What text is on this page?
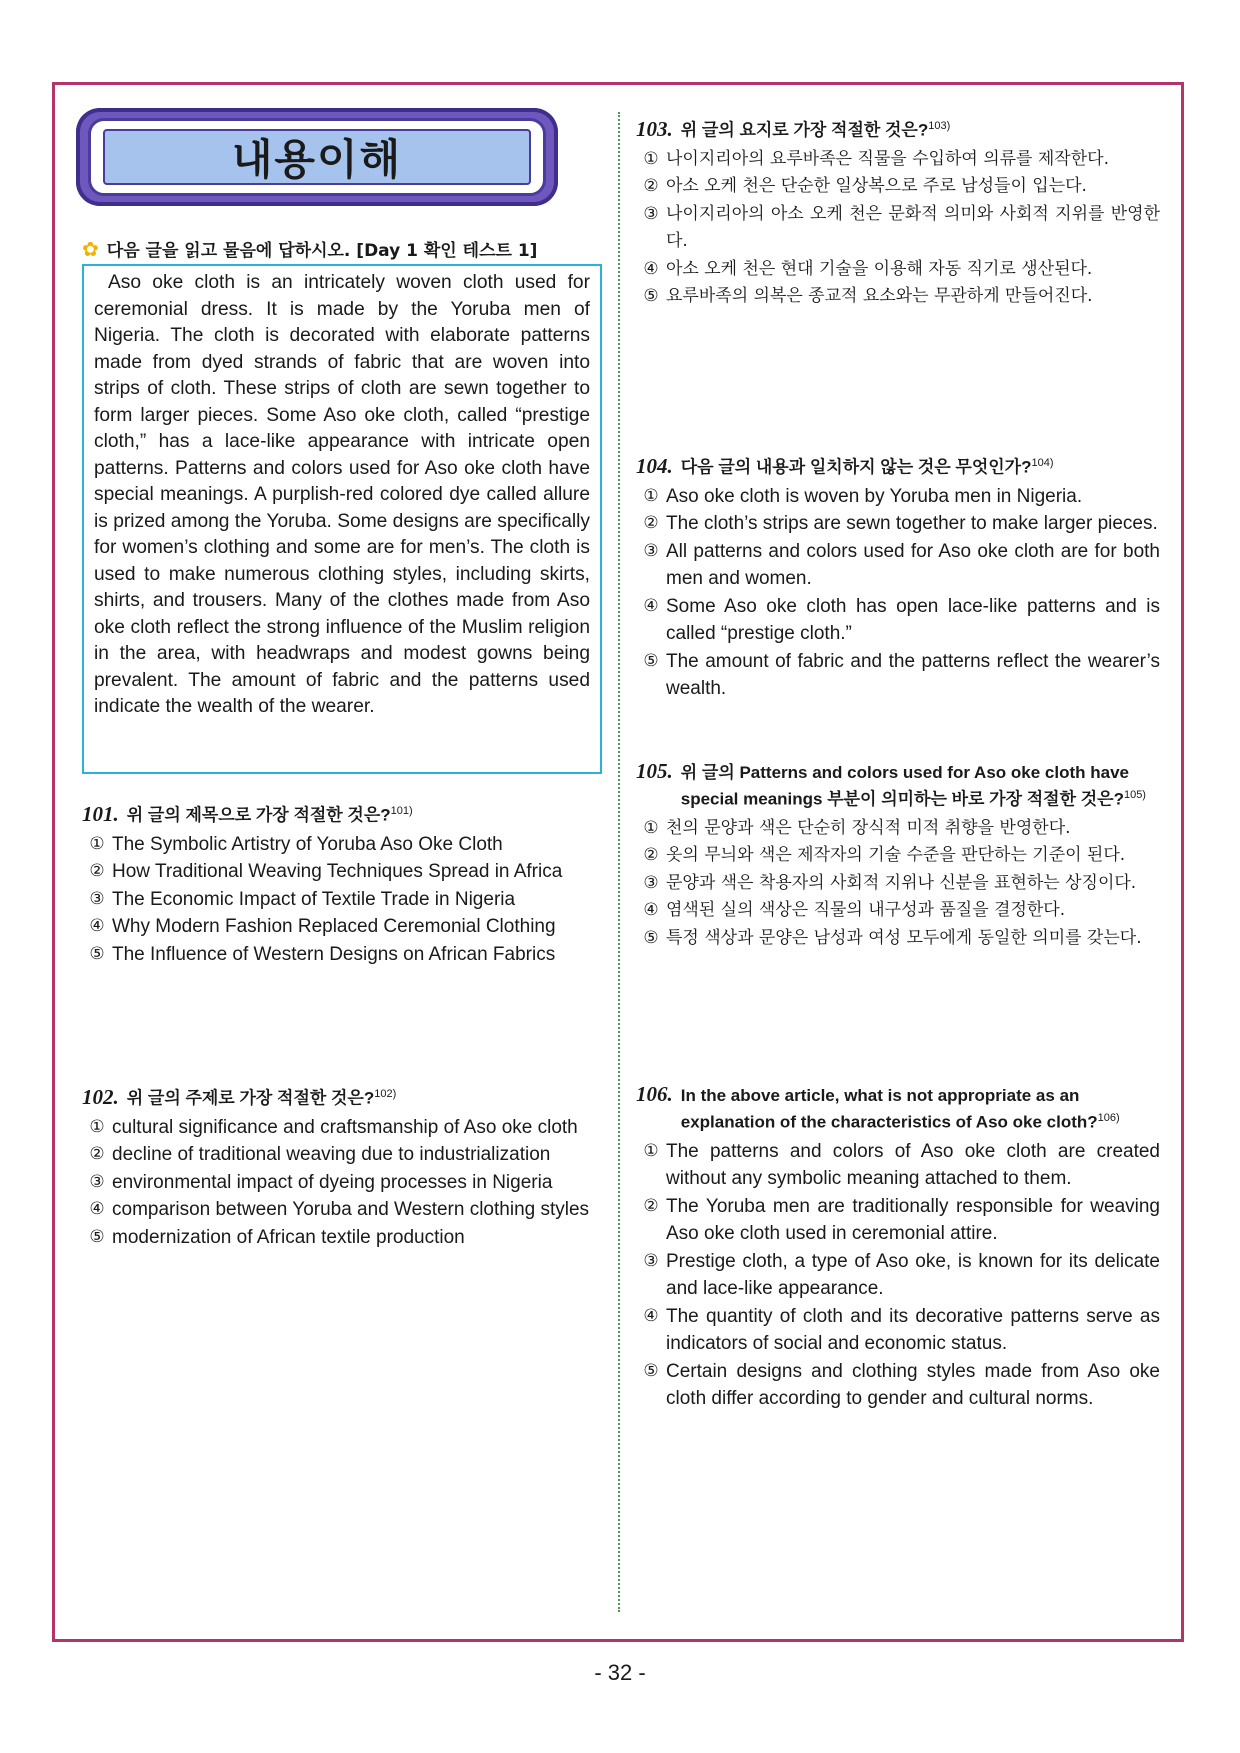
내용이해
✿ 다음 글을 읽고 물음에 답하시오. [Day 1 확인 테스트 1]
Aso oke cloth is an intricately woven cloth used for ceremonial dress. It is made by the Yoruba men of Nigeria. The cloth is decorated with elaborate patterns made from dyed strands of fabric that are woven into strips of cloth. These strips of cloth are sewn together to form larger pieces. Some Aso oke cloth, called “prestige cloth,” has a lace-like appearance with intricate open patterns. Patterns and colors used for Aso oke cloth have special meanings. A purplish-red colored dye called allure is prized among the Yoruba. Some designs are specifically for women’s clothing and some are for men’s. The cloth is used to make numerous clothing styles, including skirts, shirts, and trousers. Many of the clothes made from Aso oke cloth reflect the strong influence of the Muslim religion in the area, with headwraps and modest gowns being prevalent. The amount of fabric and the patterns used indicate the wealth of the wearer.
101. 위 글의 제목으로 가장 적절한 것은?$^{101)}$
① The Symbolic Artistry of Yoruba Aso Oke Cloth
② How Traditional Weaving Techniques Spread in Africa
③ The Economic Impact of Textile Trade in Nigeria
④ Why Modern Fashion Replaced Ceremonial Clothing
⑤ The Influence of Western Designs on African Fabrics
102. 위 글의 주제로 가장 적절한 것은?$^{102)}$
① cultural significance and craftsmanship of Aso oke cloth
② decline of traditional weaving due to industrialization
③ environmental impact of dyeing processes in Nigeria
④ comparison between Yoruba and Western clothing styles
⑤ modernization of African textile production
103. 위 글의 요지로 가장 적절한 것은?$^{103)}$
① 나이지리아의 요루바족은 직물을 수입하여 의류를 제작한다.
② 아소 오케 천은 단순한 일상복으로 주로 남성들이 입는다.
③ 나이지리아의 아소 오케 천은 문화적 의미와 사회적 지위를 반영한다.
④ 아소 오케 천은 현대 기술을 이용해 자동 직기로 생산된다.
⑤ 요루바족의 의복은 종교적 요소와는 무관하게 만들어진다.
104. 다음 글의 내용과 일치하지 않는 것은 무엇인가?$^{104)}$
① Aso oke cloth is woven by Yoruba men in Nigeria.
② The cloth’s strips are sewn together to make larger pieces.
③ All patterns and colors used for Aso oke cloth are for both men and women.
④ Some Aso oke cloth has open lace-like patterns and is called “prestige cloth.”
⑤ The amount of fabric and the patterns reflect the wearer’s wealth.
105. 위 글의 Patterns and colors used for Aso oke cloth have special meanings 부분이 의미하는 바로 가장 적절한 것은?$^{105)}$
① 천의 문양과 색은 단순히 장식적 미적 취향을 반영한다.
② 옷의 무늬와 색은 제작자의 기술 수준을 판단하는 기준이 된다.
③ 문양과 색은 착용자의 사회적 지위나 신분을 표현하는 상징이다.
④ 염색된 실의 색상은 직물의 내구성과 품질을 결정한다.
⑤ 특정 색상과 문양은 남성과 여성 모두에게 동일한 의미를 갖는다.
106. In the above article, what is not appropriate as an explanation of the characteristics of Aso oke cloth?$^{106)}$
① The patterns and colors of Aso oke cloth are created without any symbolic meaning attached to them.
② The Yoruba men are traditionally responsible for weaving Aso oke cloth used in ceremonial attire.
③ Prestige cloth, a type of Aso oke, is known for its delicate and lace-like appearance.
④ The quantity of cloth and its decorative patterns serve as indicators of social and economic status.
⑤ Certain designs and clothing styles made from Aso oke cloth differ according to gender and cultural norms.
- 32 -
